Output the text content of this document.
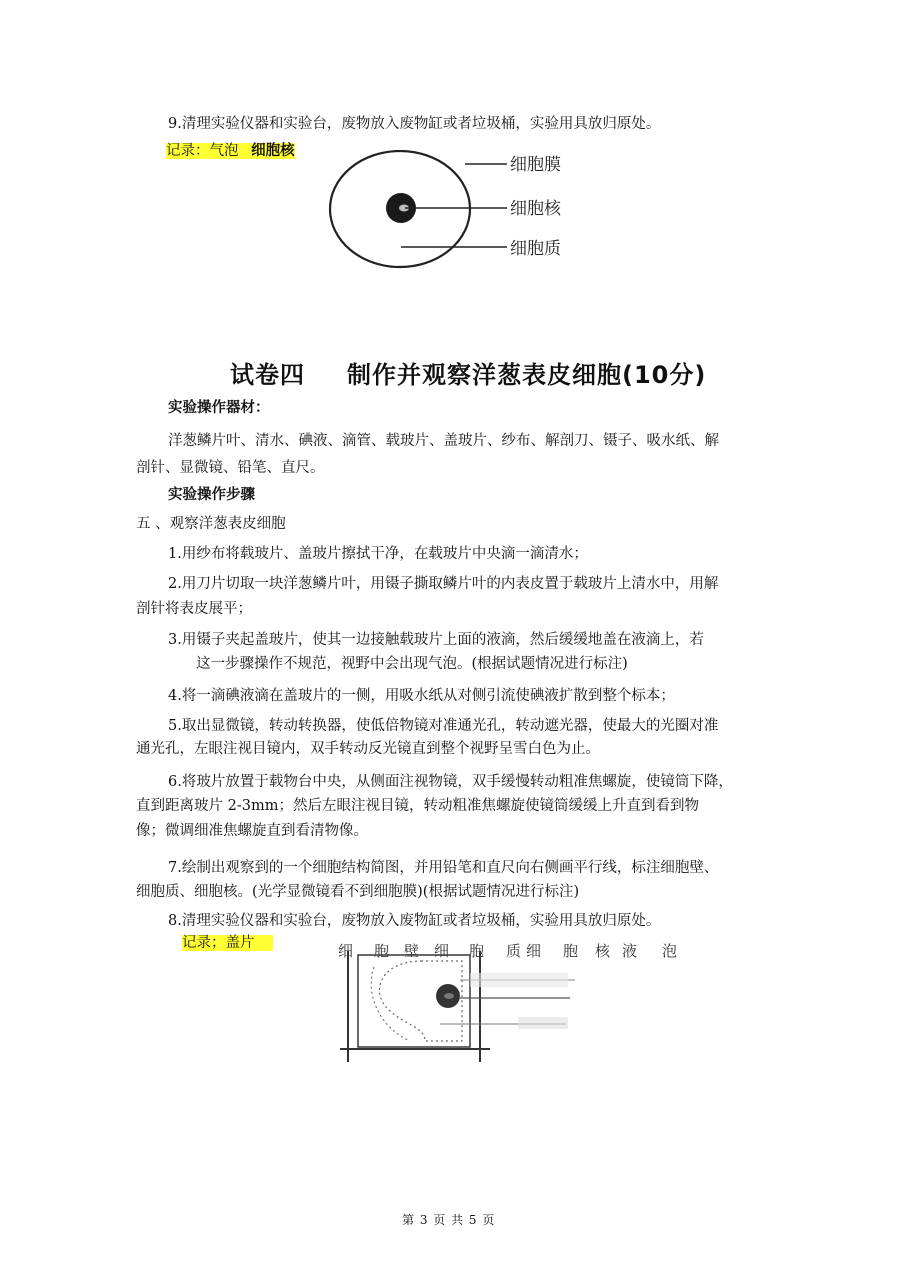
9.清理实验仪器和实验台，废物放入废物缸或者垃圾桶，实验用具放归原处。
记录：气泡 细胞核
细胞膜
细胞核
细胞质
试卷四 制作并观察洋葱表皮细胞(10分)
实验操作器材：
洋葱鳞片叶、清水、碘液、滴管、载玻片、盖玻片、纱布、解剖刀、镊子、吸水纸、解
剖针、显微镜、铅笔、直尺。
实验操作步骤
五 、观察洋葱表皮细胞
1.用纱布将载玻片、盖玻片擦拭干净，在载玻片中央滴一滴清水；
2.用刀片切取一块洋葱鳞片叶，用镊子撕取鳞片叶的内表皮置于载玻片上清水中，用解
剖针将表皮展平；
3.用镊子夹起盖玻片，使其一边接触载玻片上面的液滴，然后缓缓地盖在液滴上，若
这一步骤操作不规范，视野中会出现气泡。(根据试题情况进行标注)
4.将一滴碘液滴在盖玻片的一侧，用吸水纸从对侧引流使碘液扩散到整个标本；
5.取出显微镜，转动转换器，使低倍物镜对准通光孔，转动遮光器，使最大的光圈对准
通光孔，左眼注视目镜内，双手转动反光镜直到整个视野呈雪白色为止。
6.将玻片放置于载物台中央，从侧面注视物镜，双手缓慢转动粗准焦螺旋，使镜筒下降，
直到距离玻片 2-3mm；然后左眼注视目镜，转动粗准焦螺旋使镜筒缓缓上升直到看到物
像；微调细准焦螺旋直到看清物像。
7.绘制出观察到的一个细胞结构简图，并用铅笔和直尺向右侧画平行线，标注细胞壁、
细胞质、细胞核。(光学显微镜看不到细胞膜)(根据试题情况进行标注)
8.清理实验仪器和实验台，废物放入废物缸或者垃圾桶，实验用具放归原处。
记录；盖片	细 胞 壁 细 胞 质 细 胞 核 液 泡
第 3 页 共 5 页
